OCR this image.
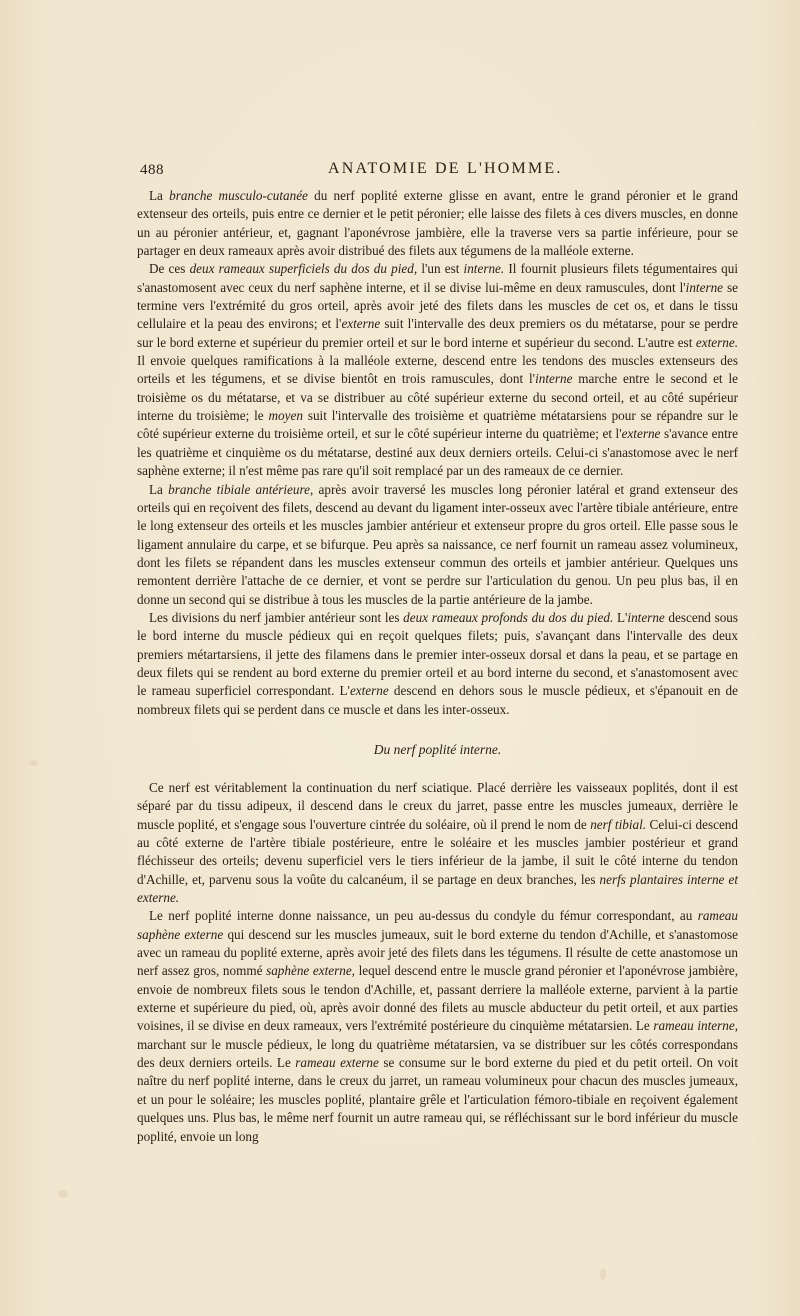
488	ANATOMIE DE L'HOMME.

La branche musculo-cutanée du nerf poplité externe glisse en avant, entre le grand péronier et le grand extenseur des orteils, puis entre ce dernier et le petit péronier; elle laisse des filets à ces divers muscles, en donne un au péronier antérieur, et, gagnant l'aponévrose jambière, elle la traverse vers sa partie inférieure, pour se partager en deux rameaux après avoir distribué des filets aux tégumens de la malléole externe.

De ces deux rameaux superficiels du dos du pied, l'un est interne. Il fournit plusieurs filets tégumentaires qui s'anastomosent avec ceux du nerf saphène interne, et il se divise lui-même en deux ramuscules, dont l'interne se termine vers l'extrémité du gros orteil, après avoir jeté des filets dans les muscles de cet os, et dans le tissu cellulaire et la peau des environs; et l'externe suit l'intervalle des deux premiers os du métatarse, pour se perdre sur le bord externe et supérieur du premier orteil et sur le bord interne et supérieur du second. L'autre est externe. Il envoie quelques ramifications à la malléole externe, descend entre les tendons des muscles extenseurs des orteils et les tégumens, et se divise bientôt en trois ramuscules, dont l'interne marche entre le second et le troisième os du métatarse, et va se distribuer au côté supérieur externe du second orteil, et au côté supérieur interne du troisième; le moyen suit l'intervalle des troisième et quatrième métatarsiens pour se répandre sur le côté supérieur externe du troisième orteil, et sur le côté supérieur interne du quatrième; et l'externe s'avance entre les quatrième et cinquième os du métatarse, destiné aux deux derniers orteils. Celui-ci s'anastomose avec le nerf saphène externe; il n'est même pas rare qu'il soit remplacé par un des rameaux de ce dernier.

La branche tibiale antérieure, après avoir traversé les muscles long péronier latéral et grand extenseur des orteils qui en reçoivent des filets, descend au devant du ligament inter-osseux avec l'artère tibiale antérieure, entre le long extenseur des orteils et les muscles jambier antérieur et extenseur propre du gros orteil. Elle passe sous le ligament annulaire du carpe, et se bifurque. Peu après sa naissance, ce nerf fournit un rameau assez volumineux, dont les filets se répandent dans les muscles extenseur commun des orteils et jambier antérieur. Quelques uns remontent derrière l'attache de ce dernier, et vont se perdre sur l'articulation du genou. Un peu plus bas, il en donne un second qui se distribue à tous les muscles de la partie antérieure de la jambe.

Les divisions du nerf jambier antérieur sont les deux rameaux profonds du dos du pied. L'interne descend sous le bord interne du muscle pédieux qui en reçoit quelques filets; puis, s'avançant dans l'intervalle des deux premiers métartarsiens, il jette des filamens dans le premier inter-osseux dorsal et dans la peau, et se partage en deux filets qui se rendent au bord externe du premier orteil et au bord interne du second, et s'anastomosent avec le rameau superficiel correspondant. L'externe descend en dehors sous le muscle pédieux, et s'épanouit en de nombreux filets qui se perdent dans ce muscle et dans les inter-osseux.

Du nerf poplité interne.

Ce nerf est véritablement la continuation du nerf sciatique. Placé derrière les vaisseaux poplités, dont il est séparé par du tissu adipeux, il descend dans le creux du jarret, passe entre les muscles jumeaux, derrière le muscle poplité, et s'engage sous l'ouverture cintrée du soléaire, où il prend le nom de nerf tibial. Celui-ci descend au côté externe de l'artère tibiale postérieure, entre le soléaire et les muscles jambier postérieur et grand fléchisseur des orteils; devenu superficiel vers le tiers inférieur de la jambe, il suit le côté interne du tendon d'Achille, et, parvenu sous la voûte du calcanéum, il se partage en deux branches, les nerfs plantaires interne et externe.

Le nerf poplité interne donne naissance, un peu au-dessus du condyle du fémur correspondant, au rameau saphène externe qui descend sur les muscles jumeaux, suit le bord externe du tendon d'Achille, et s'anastomose avec un rameau du poplité externe, après avoir jeté des filets dans les tégumens. Il résulte de cette anastomose un nerf assez gros, nommé saphène externe, lequel descend entre le muscle grand péronier et l'aponévrose jambière, envoie de nombreux filets sous le tendon d'Achille, et, passant derriere la malléole externe, parvient à la partie externe et supérieure du pied, où, après avoir donné des filets au muscle abducteur du petit orteil, et aux parties voisines, il se divise en deux rameaux, vers l'extrémité postérieure du cinquième métatarsien. Le rameau interne, marchant sur le muscle pédieux, le long du quatrième métatarsien, va se distribuer sur les côtés correspondans des deux derniers orteils. Le rameau externe se consume sur le bord externe du pied et du petit orteil. On voit naître du nerf poplité interne, dans le creux du jarret, un rameau volumineux pour chacun des muscles jumeaux, et un pour le soléaire; les muscles poplité, plantaire grêle et l'articulation fémoro-tibiale en reçoivent également quelques uns. Plus bas, le même nerf fournit un autre rameau qui, se réfléchissant sur le bord inférieur du muscle poplité, envoie un long
